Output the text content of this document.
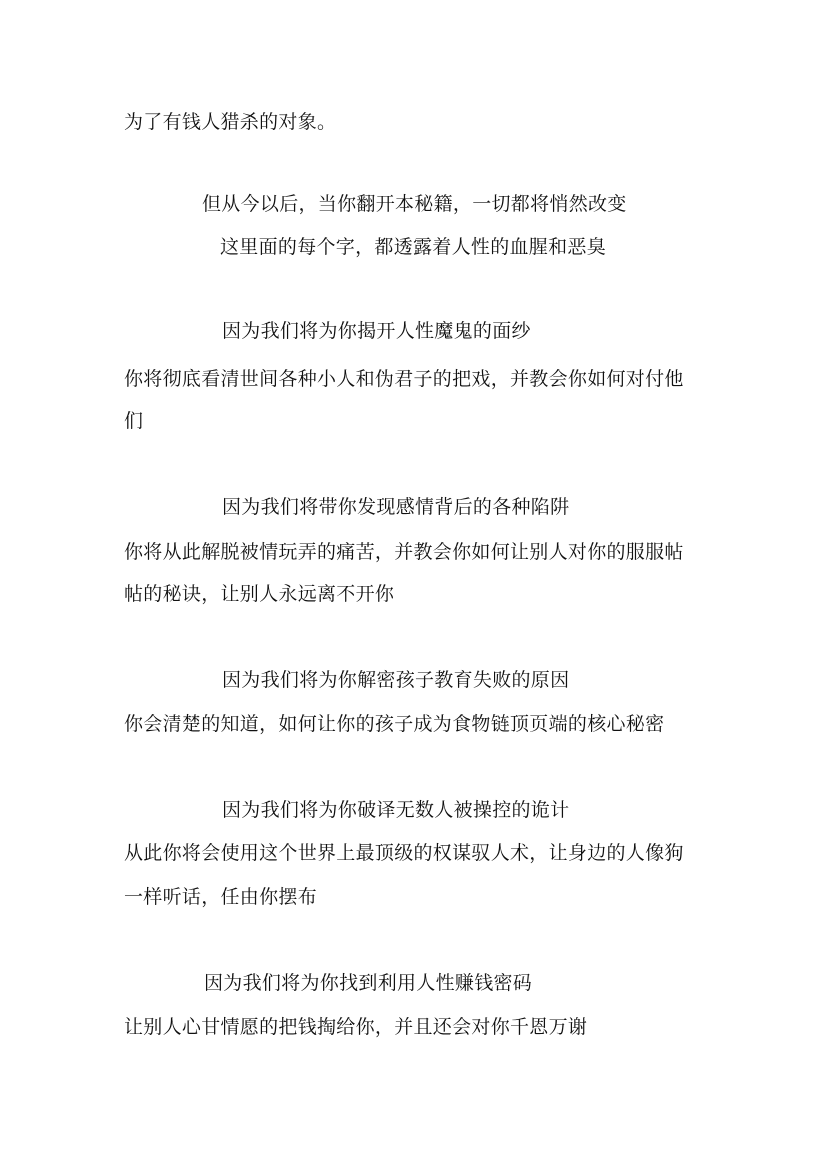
为了有钱人猎杀的对象。
但从今以后，当你翻开本秘籍，一切都将悄然改变
这里面的每个字，都透露着人性的血腥和恶臭
因为我们将为你揭开人性魔鬼的面纱
你将彻底看清世间各种小人和伪君子的把戏，并教会你如何对付他
们
因为我们将带你发现感情背后的各种陷阱
你将从此解脱被情玩弄的痛苦，并教会你如何让别人对你的服服帖
帖的秘诀，让别人永远离不开你
因为我们将为你解密孩子教育失败的原因
你会清楚的知道，如何让你的孩子成为食物链顶页端的核心秘密
因为我们将为你破译无数人被操控的诡计
从此你将会使用这个世界上最顶级的权谋驭人术，让身边的人像狗
一样听话，任由你摆布
因为我们将为你找到利用人性赚钱密码
让别人心甘情愿的把钱掏给你，并且还会对你千恩万谢
